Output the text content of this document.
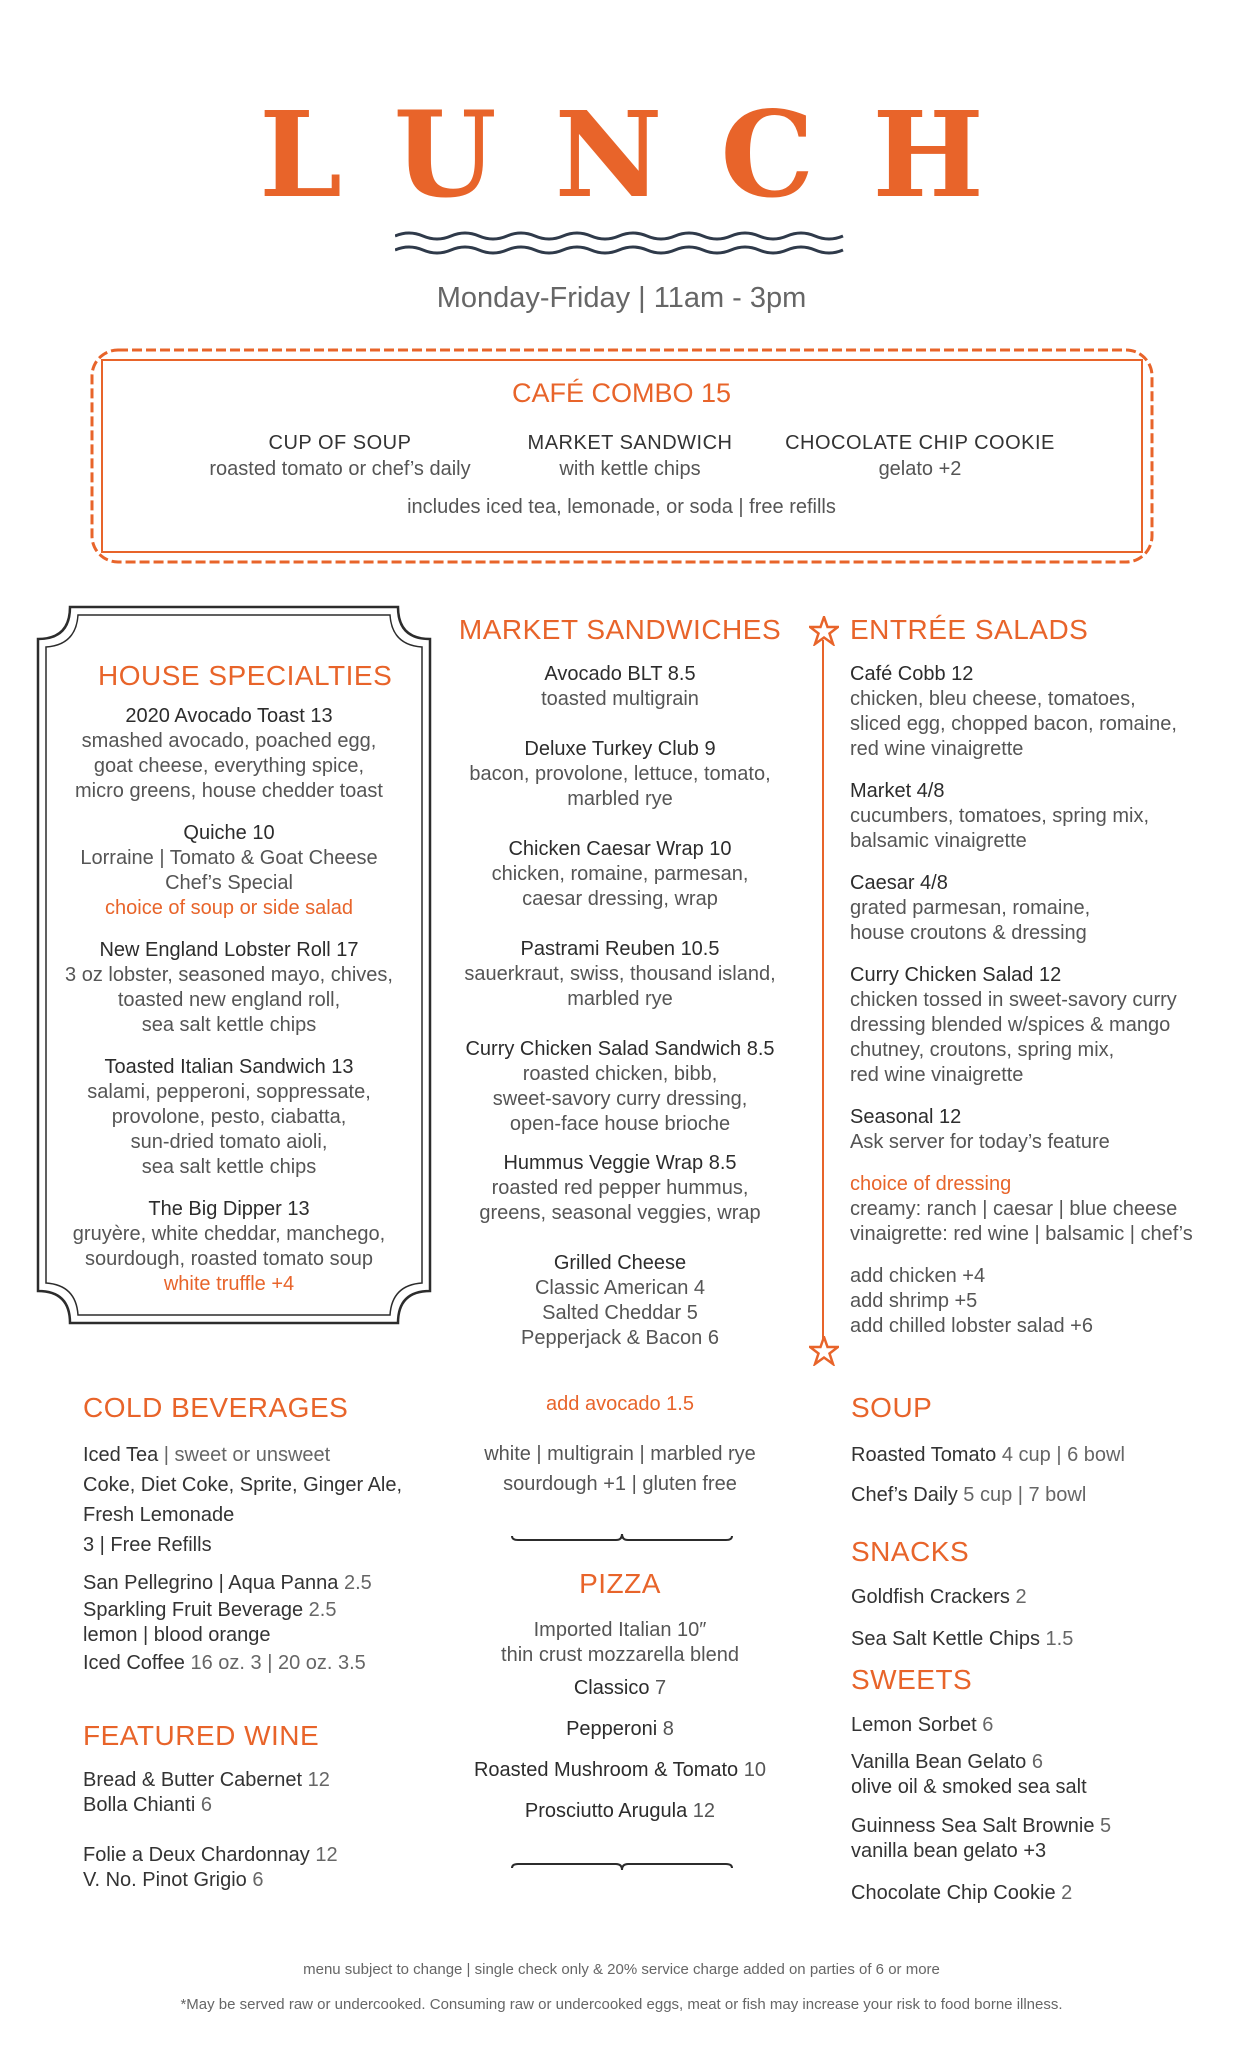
LUNCH
Monday-Friday | 11am - 3pm
CAFÉ COMBO 15
CUP OF SOUP
roasted tomato or chef’s daily
MARKET SANDWICH
with kettle chips
CHOCOLATE CHIP COOKIE
gelato +2
includes iced tea, lemonade, or soda | free refills
HOUSE SPECIALTIES
2020 Avocado Toast 13
smashed avocado, poached egg,
goat cheese, everything spice,
micro greens, house chedder toast
Quiche 10
Lorraine | Tomato & Goat Cheese
Chef’s Special
choice of soup or side salad
New England Lobster Roll 17
3 oz lobster, seasoned mayo, chives,
toasted new england roll,
sea salt kettle chips
Toasted Italian Sandwich 13
salami, pepperoni, soppressate,
provolone, pesto, ciabatta,
sun-dried tomato aioli,
sea salt kettle chips
The Big Dipper 13
gruyère, white cheddar, manchego,
sourdough, roasted tomato soup
white truffle +4
MARKET SANDWICHES
Avocado BLT 8.5
toasted multigrain
Deluxe Turkey Club 9
bacon, provolone, lettuce, tomato,
marbled rye
Chicken Caesar Wrap 10
chicken, romaine, parmesan,
caesar dressing, wrap
Pastrami Reuben 10.5
sauerkraut, swiss, thousand island,
marbled rye
Curry Chicken Salad Sandwich 8.5
roasted chicken, bibb,
sweet-savory curry dressing,
open-face house brioche
Hummus Veggie Wrap 8.5
roasted red pepper hummus,
greens, seasonal veggies, wrap
Grilled Cheese
Classic American 4
Salted Cheddar 5
Pepperjack & Bacon 6
add avocado 1.5
white | multigrain | marbled rye
sourdough +1 | gluten free
PIZZA
Imported Italian 10″
thin crust mozzarella blend
Classico 7
Pepperoni 8
Roasted Mushroom & Tomato 10
Prosciutto Arugula 12
ENTRÉE SALADS
Café Cobb 12
chicken, bleu cheese, tomatoes,
sliced egg, chopped bacon, romaine,
red wine vinaigrette
Market 4/8
cucumbers, tomatoes, spring mix,
balsamic vinaigrette
Caesar 4/8
grated parmesan, romaine,
house croutons & dressing
Curry Chicken Salad 12
chicken tossed in sweet-savory curry
dressing blended w/spices & mango
chutney, croutons, spring mix,
red wine vinaigrette
Seasonal 12
Ask server for today’s feature
choice of dressing
creamy: ranch | caesar | blue cheese
vinaigrette: red wine | balsamic | chef’s
add chicken +4
add shrimp +5
add chilled lobster salad +6
COLD BEVERAGES
Iced Tea | sweet or unsweet
Coke, Diet Coke, Sprite, Ginger Ale,
Fresh Lemonade
3 | Free Refills
San Pellegrino | Aqua Panna 2.5
Sparkling Fruit Beverage 2.5
lemon | blood orange
Iced Coffee 16 oz. 3 | 20 oz. 3.5
FEATURED WINE
Bread & Butter Cabernet 12
Bolla Chianti 6
Folie a Deux Chardonnay 12
V. No. Pinot Grigio 6
SOUP
Roasted Tomato 4 cup | 6 bowl
Chef’s Daily 5 cup | 7 bowl
SNACKS
Goldfish Crackers 2
Sea Salt Kettle Chips 1.5
SWEETS
Lemon Sorbet 6
Vanilla Bean Gelato 6
olive oil & smoked sea salt
Guinness Sea Salt Brownie 5
vanilla bean gelato +3
Chocolate Chip Cookie 2
menu subject to change | single check only & 20% service charge added on parties of 6 or more
*May be served raw or undercooked. Consuming raw or undercooked eggs, meat or fish may increase your risk to food borne illness.
